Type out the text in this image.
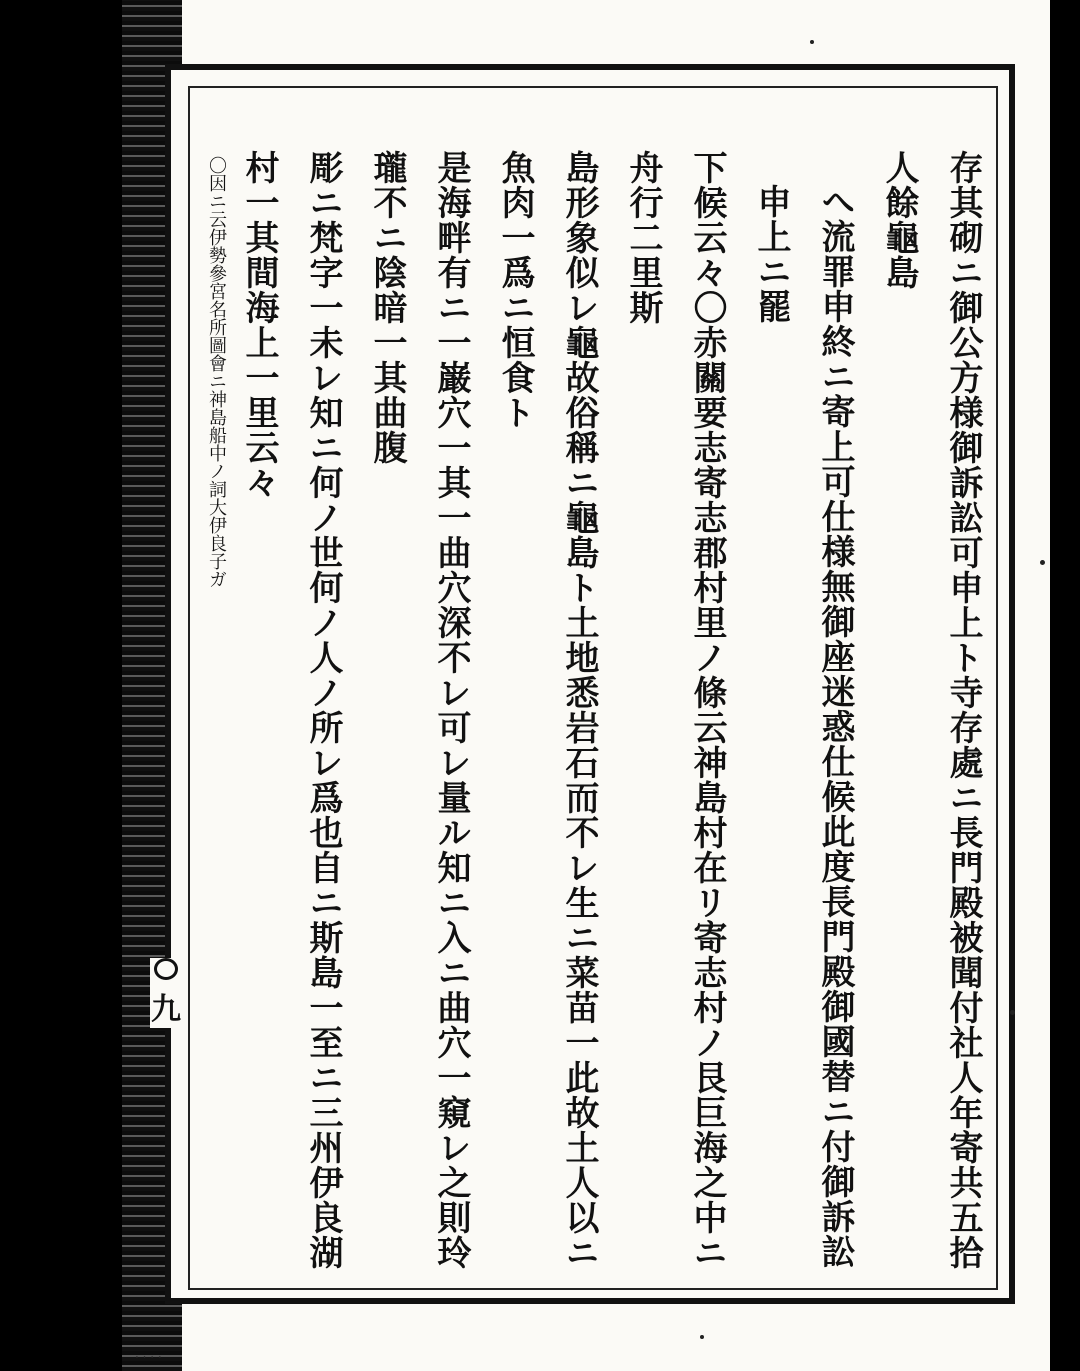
九	存其砌ニ御公方様御訴訟可申上ト寺存處ニ長門殿被聞付社人年寄共五拾人餘龜島
へ流罪申終ニ寄上可仕様無御座迷惑仕候此度長門殿御國替ニ付御訴訟申上ニ罷
下候云々〇赤關要志寄志郡村里ノ條云神島村在リ寄志村ノ艮巨海之中ニ舟行二里斯
島形象似レ龜故俗稱ニ龜島ト土地悉岩石而不レ生ニ菜苗一此故土人以ニ魚肉一爲ニ恒食ト
是海畔有ニ一巌穴一其一曲穴深不レ可レ量ル知ニ入ニ曲穴一窺レ之則玲瓏不ニ陰暗一其曲腹
彫ニ梵字一未レ知ニ何ノ世何ノ人ノ所レ爲也自ニ斯島一至ニ三州伊良湖村一其間海上一里云々
〇因ニ云伊勢參宮名所圖會ニ神島船中ノ詞大伊良子ガ
· · · ·
